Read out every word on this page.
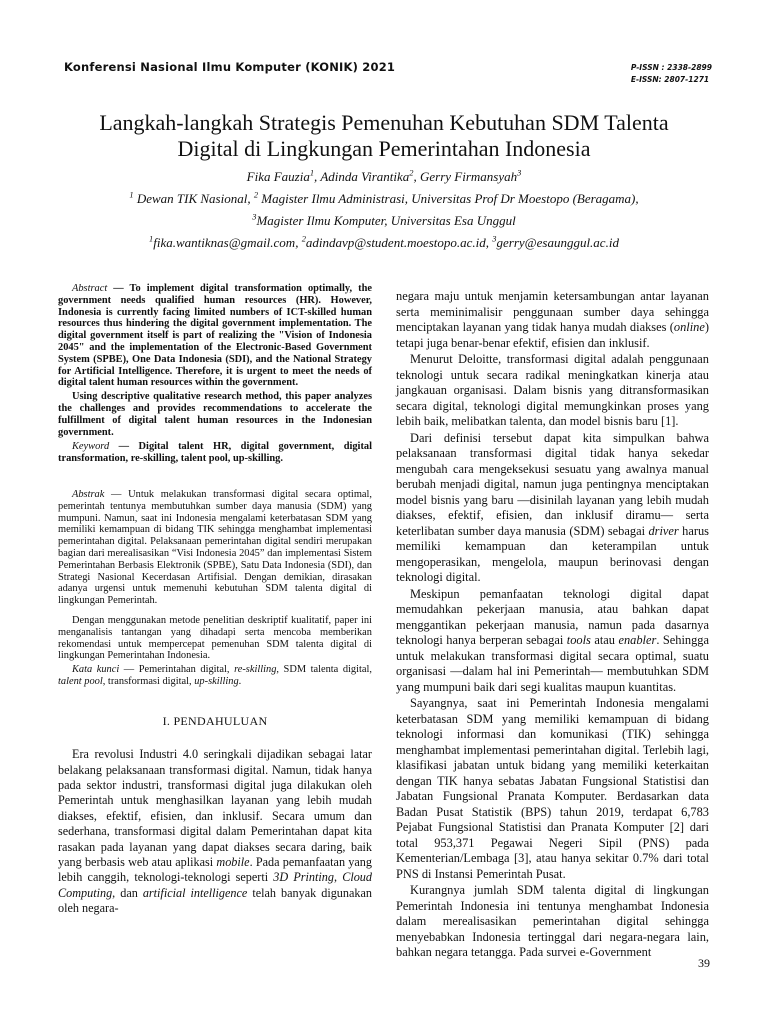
Konferensi Nasional Ilmu Komputer (KONIK) 2021	P-ISSN : 2338-2899
E-ISSN: 2807-1271
Langkah-langkah Strategis Pemenuhan Kebutuhan SDM Talenta
Digital di Lingkungan Pemerintahan Indonesia
Fika Fauzia$^1$, Adinda Virantika$^2$, Gerry Firmansyah$^3$
$^1$ Dewan TIK Nasional, $^2$ Magister Ilmu Administrasi, Universitas Prof Dr Moestopo (Beragama),
$^3$Magister Ilmu Komputer, Universitas Esa Unggul
$^1$fika.wantiknas@gmail.com, $^2$adindavp@student.moestopo.ac.id, $^3$gerry@esaunggul.ac.id

Abstract — To implement digital transformation optimally, the government needs qualified human resources (HR). However, Indonesia is currently facing limited numbers of ICT-skilled human resources thus hindering the digital government implementation. The digital government itself is part of realizing the "Vision of Indonesia 2045" and the implementation of the Electronic-Based Government System (SPBE), One Data Indonesia (SDI), and the National Strategy for Artificial Intelligence. Therefore, it is urgent to meet the needs of digital talent human resources within the government.

Using descriptive qualitative research method, this paper analyzes the challenges and provides recommendations to accelerate the fulfillment of digital talent human resources in the Indonesian government.

Keyword — Digital talent HR, digital government, digital transformation, re-skilling, talent pool, up-skilling.

Abstrak — Untuk melakukan transformasi digital secara optimal, pemerintah tentunya membutuhkan sumber daya manusia (SDM) yang mumpuni. Namun, saat ini Indonesia mengalami keterbatasan SDM yang memiliki kemampuan di bidang TIK sehingga menghambat implementasi pemerintahan digital. Pelaksanaan pemerintahan digital sendiri merupakan bagian dari merealisasikan “Visi Indonesia 2045” dan implementasi Sistem Pemerintahan Berbasis Elektronik (SPBE), Satu Data Indonesia (SDI), dan Strategi Nasional Kecerdasan Artifisial. Dengan demikian, dirasakan adanya urgensi untuk memenuhi kebutuhan SDM talenta digital di lingkungan Pemerintah.

Dengan menggunakan metode penelitian deskriptif kualitatif, paper ini menganalisis tantangan yang dihadapi serta mencoba memberikan rekomendasi untuk mempercepat pemenuhan SDM talenta digital di lingkungan Pemerintahan Indonesia.

Kata kunci — Pemerintahan digital, re-skilling, SDM talenta digital, talent pool, transformasi digital, up-skilling.

I. PENDAHULUAN

Era revolusi Industri 4.0 seringkali dijadikan sebagai latar belakang pelaksanaan transformasi digital. Namun, tidak hanya pada sektor industri, transformasi digital juga dilakukan oleh Pemerintah untuk menghasilkan layanan yang lebih mudah diakses, efektif, efisien, dan inklusif. Secara umum dan sederhana, transformasi digital dalam Pemerintahan dapat kita rasakan pada layanan yang dapat diakses secara daring, baik yang berbasis web atau aplikasi mobile. Pada pemanfaatan yang lebih canggih, teknologi-teknologi seperti 3D Printing, Cloud Computing, dan artificial intelligence telah banyak digunakan oleh negara-

negara maju untuk menjamin ketersambungan antar layanan serta meminimalisir penggunaan sumber daya sehingga menciptakan layanan yang tidak hanya mudah diakses (online) tetapi juga benar-benar efektif, efisien dan inklusif.

Menurut Deloitte, transformasi digital adalah penggunaan teknologi untuk secara radikal meningkatkan kinerja atau jangkauan organisasi. Dalam bisnis yang ditransformasikan secara digital, teknologi digital memungkinkan proses yang lebih baik, melibatkan talenta, dan model bisnis baru [1].

Dari definisi tersebut dapat kita simpulkan bahwa pelaksanaan transformasi digital tidak hanya sekedar mengubah cara mengeksekusi sesuatu yang awalnya manual berubah menjadi digital, namun juga pentingnya menciptakan model bisnis yang baru —disinilah layanan yang lebih mudah diakses, efektif, efisien, dan inklusif diramu— serta keterlibatan sumber daya manusia (SDM) sebagai driver harus memiliki kemampuan dan keterampilan untuk mengoperasikan, mengelola, maupun berinovasi dengan teknologi digital.

Meskipun pemanfaatan teknologi digital dapat memudahkan pekerjaan manusia, atau bahkan dapat menggantikan pekerjaan manusia, namun pada dasarnya teknologi hanya berperan sebagai tools atau enabler. Sehingga untuk melakukan transformasi digital secara optimal, suatu organisasi —dalam hal ini Pemerintah— membutuhkan SDM yang mumpuni baik dari segi kualitas maupun kuantitas.

Sayangnya, saat ini Pemerintah Indonesia mengalami keterbatasan SDM yang memiliki kemampuan di bidang teknologi informasi dan komunikasi (TIK) sehingga menghambat implementasi pemerintahan digital. Terlebih lagi, klasifikasi jabatan untuk bidang yang memiliki keterkaitan dengan TIK hanya sebatas Jabatan Fungsional Statistisi dan Jabatan Fungsional Pranata Komputer. Berdasarkan data Badan Pusat Statistik (BPS) tahun 2019, terdapat 6,783 Pejabat Fungsional Statistisi dan Pranata Komputer [2] dari total 953,371 Pegawai Negeri Sipil (PNS) pada Kementerian/Lembaga [3], atau hanya sekitar 0.7% dari total PNS di Instansi Pemerintah Pusat.

Kurangnya jumlah SDM talenta digital di lingkungan Pemerintah Indonesia ini tentunya menghambat Indonesia dalam merealisasikan pemerintahan digital sehingga menyebabkan Indonesia tertinggal dari negara-negara lain, bahkan negara tetangga. Pada survei e-Government

39
